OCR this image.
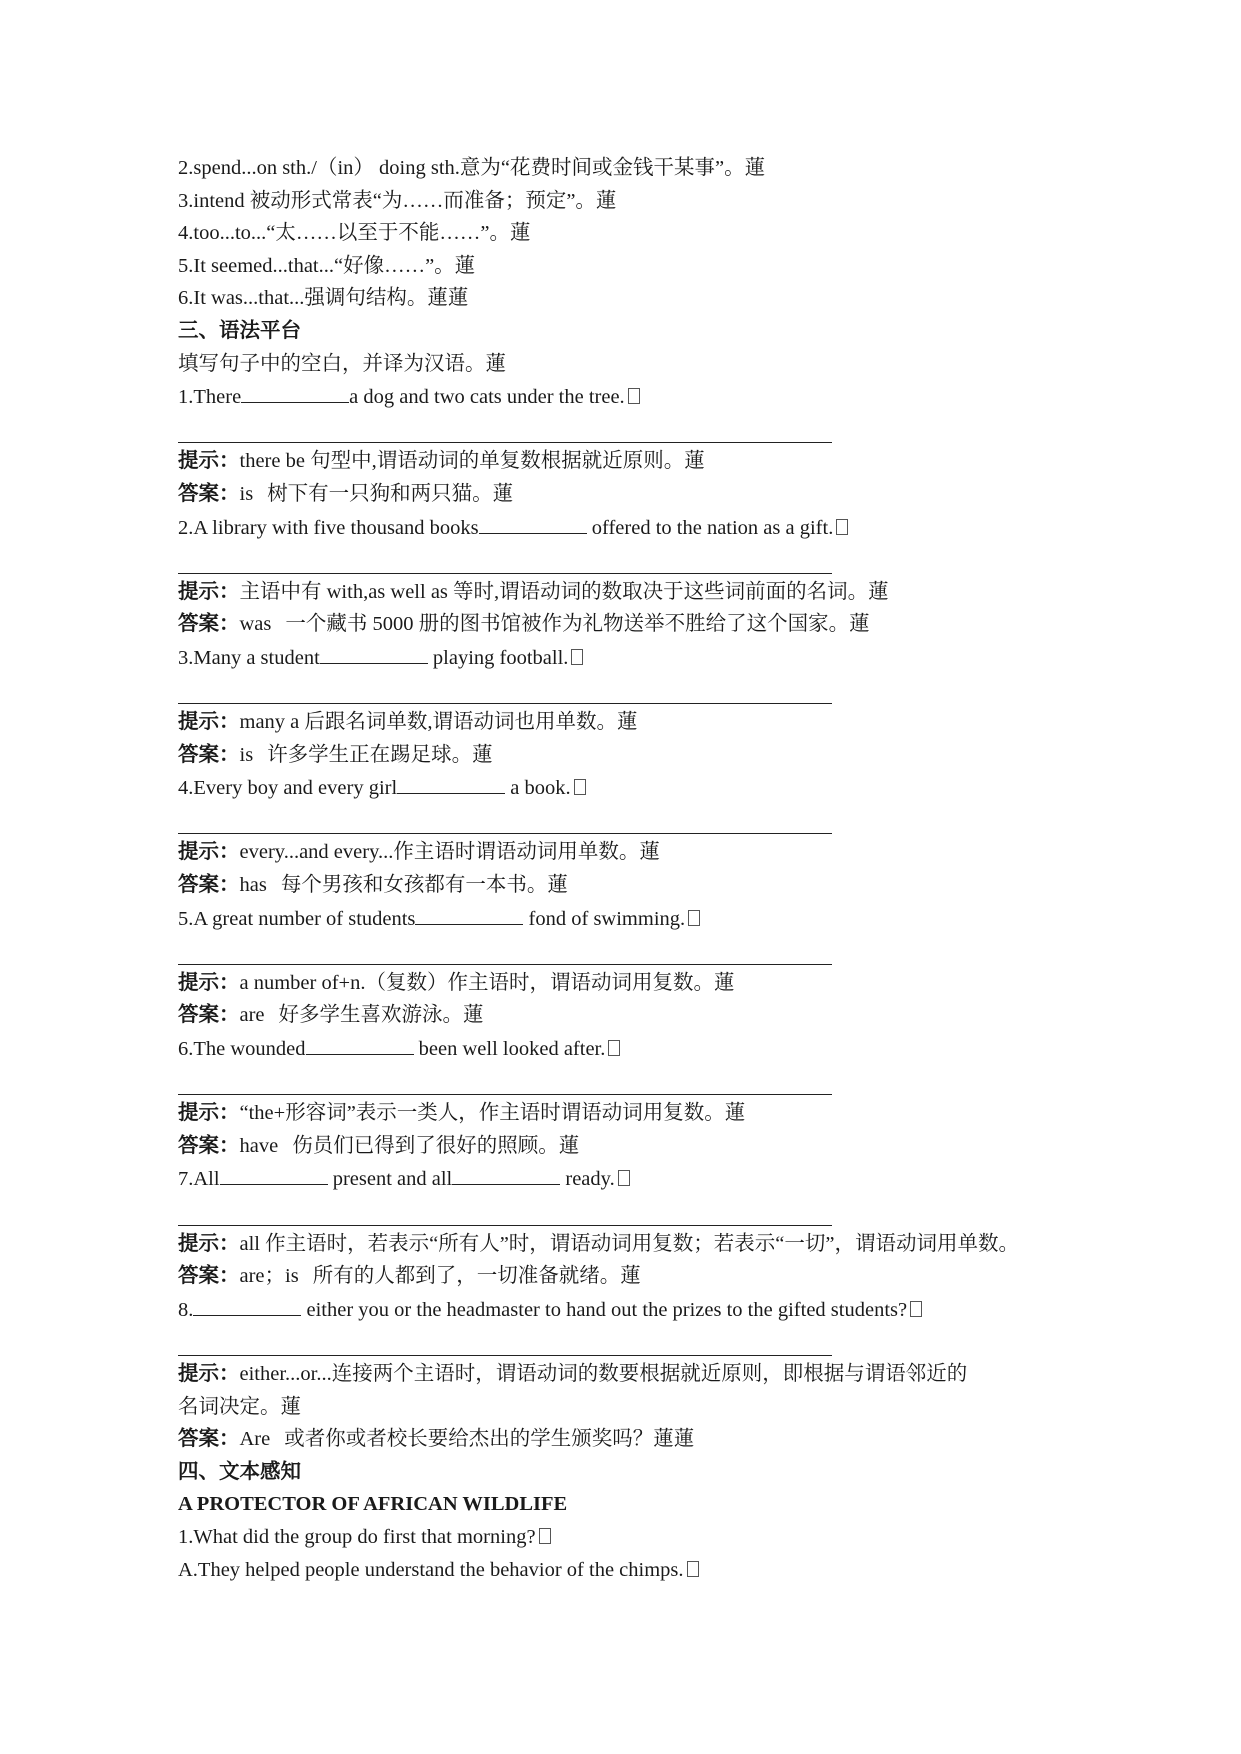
2.spend...on sth./（in） doing sth.意为“花费时间或金钱干某事”。蓮
3.intend 被动形式常表“为……而准备；预定”。蓮
4.too...to...“太……以至于不能……”。蓮
5.It seemed...that...“好像……”。蓮
6.It was...that...强调句结构。蓮蓮
三、语法平台
填写句子中的空白，并译为汉语。蓮
1.There	a dog and two cats under the tree.
提示：there be 句型中,谓语动词的单复数根据就近原则。蓮
答案：is 树下有一只狗和两只猫。蓮
2.A library with five thousand books	offered to the nation as a gift.
提示：主语中有 with,as well as 等时,谓语动词的数取决于这些词前面的名词。蓮
答案：was 一个藏书 5000 册的图书馆被作为礼物送举不胜给了这个国家。蓮
3.Many a student	playing football.
提示：many a 后跟名词单数,谓语动词也用单数。蓮
答案：is 许多学生正在踢足球。蓮
4.Every boy and every girl	a book.
提示：every...and every...作主语时谓语动词用单数。蓮
答案：has 每个男孩和女孩都有一本书。蓮
5.A great number of students	fond of swimming.
提示：a number of+n.（复数）作主语时，谓语动词用复数。蓮
答案：are 好多学生喜欢游泳。蓮
6.The wounded	been well looked after.
提示：“the+形容词”表示一类人，作主语时谓语动词用复数。蓮
答案：have 伤员们已得到了很好的照顾。蓮
7.All	present and all	ready.
提示：all 作主语时，若表示“所有人”时，谓语动词用复数；若表示“一切”，谓语动词用单数。
答案：are；is 所有的人都到了，一切准备就绪。蓮
8.	either you or the headmaster to hand out the prizes to the gifted students?
提示：either...or...连接两个主语时，谓语动词的数要根据就近原则，即根据与谓语邻近的名词决定。蓮
答案：Are 或者你或者校长要给杰出的学生颁奖吗？蓮蓮
四、文本感知
A PROTECTOR OF AFRICAN WILDLIFE
1.What did the group do first that morning?
A.They helped people understand the behavior of the chimps.
